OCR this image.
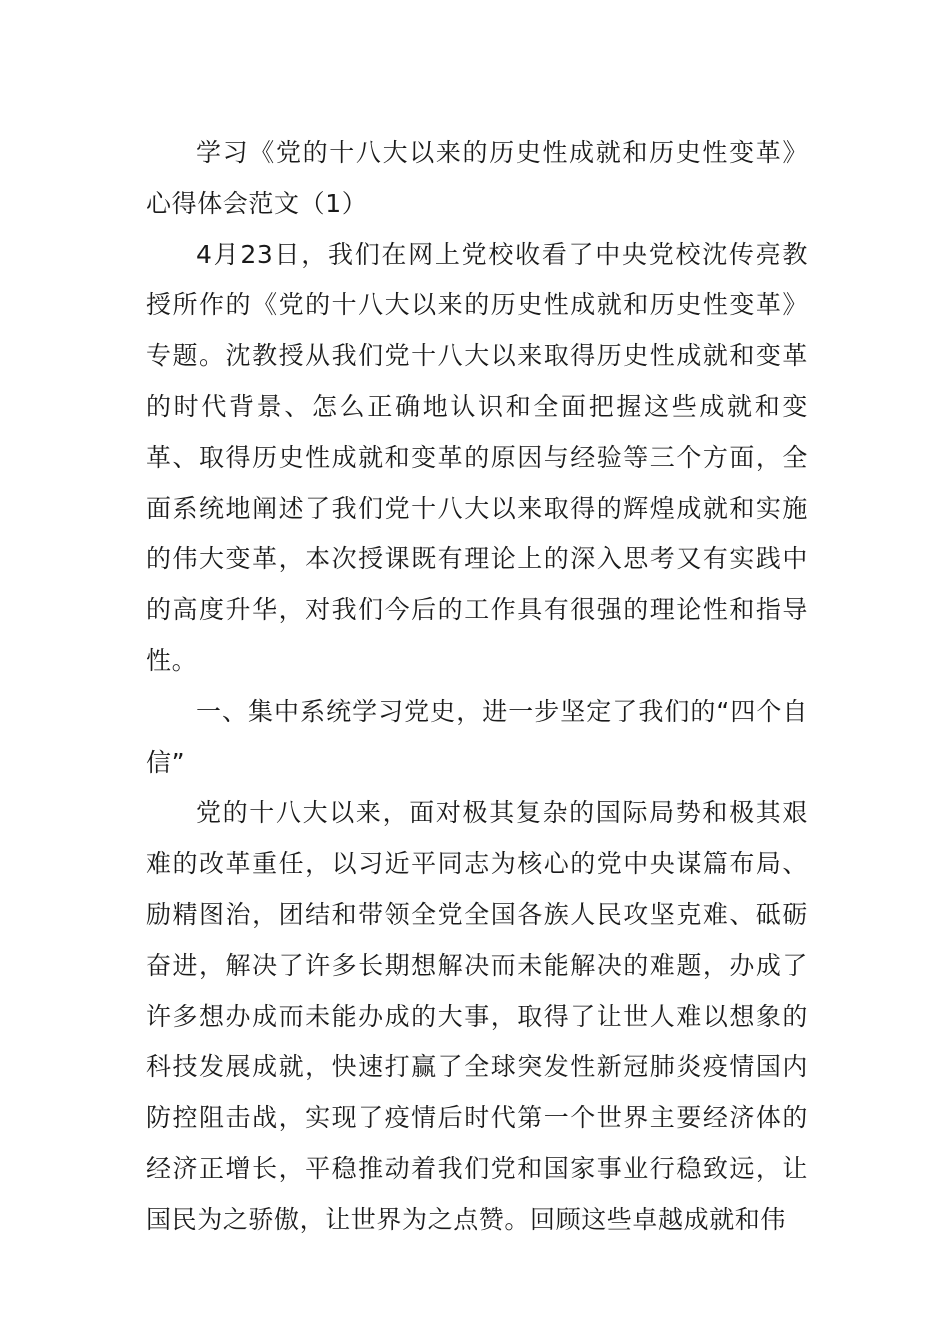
学习《党的十八大以来的历史性成就和历史性变革》心得体会范文（1）

4月23日，我们在网上党校收看了中央党校沈传亮教授所作的《党的十八大以来的历史性成就和历史性变革》专题。沈教授从我们党十八大以来取得历史性成就和变革的时代背景、怎么正确地认识和全面把握这些成就和变革、取得历史性成就和变革的原因与经验等三个方面，全面系统地阐述了我们党十八大以来取得的辉煌成就和实施的伟大变革，本次授课既有理论上的深入思考又有实践中的高度升华，对我们今后的工作具有很强的理论性和指导性。

一、集中系统学习党史，进一步坚定了我们的“四个自信”

党的十八大以来，面对极其复杂的国际局势和极其艰难的改革重任，以习近平同志为核心的党中央谋篇布局、励精图治，团结和带领全党全国各族人民攻坚克难、砥砺奋进，解决了许多长期想解决而未能解决的难题，办成了许多想办成而未能办成的大事，取得了让世人难以想象的科技发展成就，快速打赢了全球突发性新冠肺炎疫情国内防控阻击战，实现了疫情后时代第一个世界主要经济体的经济正增长，平稳推动着我们党和国家事业行稳致远，让国民为之骄傲，让世界为之点赞。回顾这些卓越成就和伟
